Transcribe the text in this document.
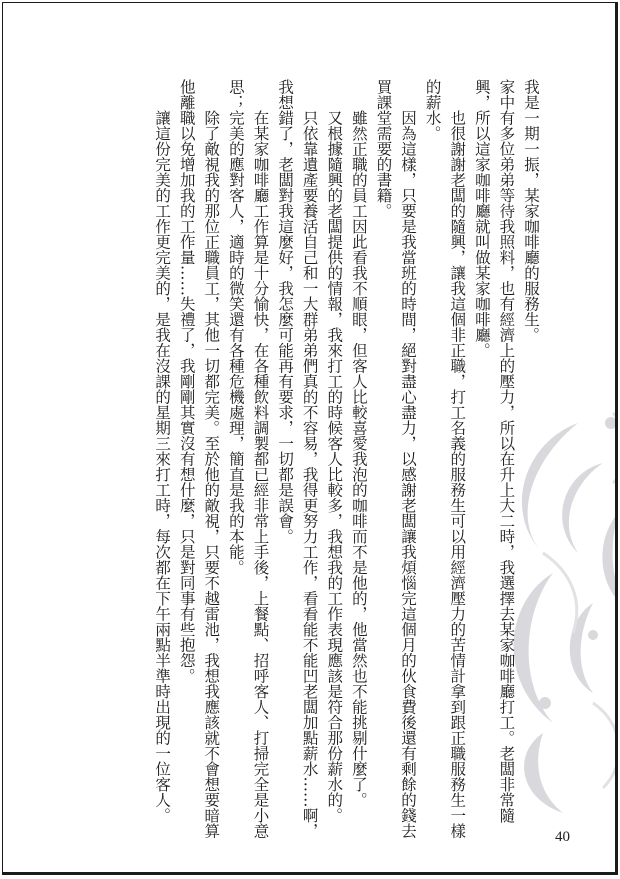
我是一期一振，某家咖啡廳的服務生。

家中有多位弟弟等待我照料，也有經濟上的壓力，所以在升上大二時，我選擇去某家咖啡廳打工。老闆非常隨興，所以這家咖啡廳就叫做某家咖啡廳。

也很謝謝老闆的隨興，讓我這個非正職，打工名義的服務生可以用經濟壓力的苦情計拿到跟正職服務生一樣的薪水。

因為這樣，只要是我當班的時間，絕對盡心盡力，以感謝老闆讓我煩惱完這個月的伙食費後還有剩餘的錢去買課堂需要的書籍。

雖然正職的員工因此看我不順眼，但客人比較喜愛我泡的咖啡而不是他的，他當然也不能挑剔什麼了。

又根據隨興的老闆提供的情報，我來打工的時候客人比較多，我想我的工作表現應該是符合那份薪水的。

只依靠遺產要養活自己和一大群弟弟們真的不容易，我得更努力工作，看看能不能凹老闆加點薪水……啊，我想錯了，老闆對我這麼好，我怎麼可能再有要求，一切都是誤會。

在某家咖啡廳工作算是十分愉快，在各種飲料調製都已經非常上手後，上餐點、招呼客人、打掃完全是小意思；完美的應對客人，適時的微笑還有各種危機處理，簡直是我的本能。

除了敵視我的那位正職員工，其他一切都完美。至於他的敵視，只要不越雷池，我想我應該就不會想要暗算他離職以免增加我的工作量……失禮了，我剛剛其實沒有想什麼，只是對同事有些抱怨。

讓這份完美的工作更完美的，是我在沒課的星期三來打工時，每次都在下午兩點半準時出現的一位客人。

40
